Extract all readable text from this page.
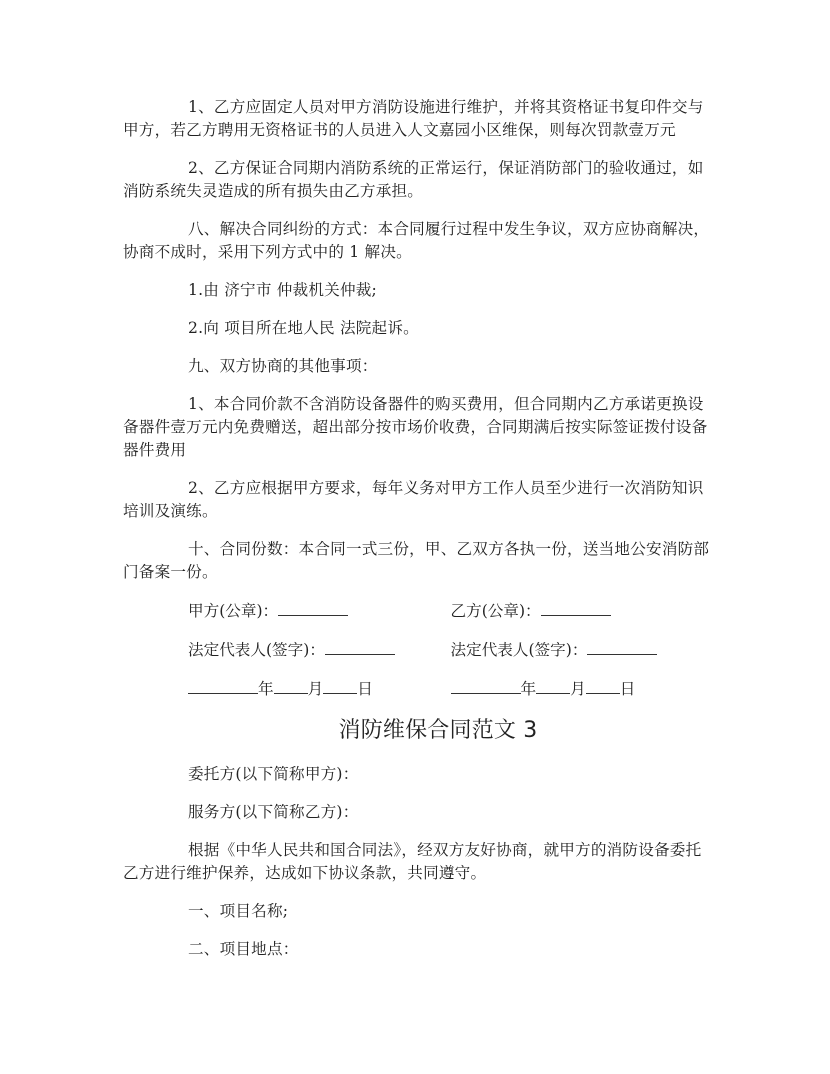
1、乙方应固定人员对甲方消防设施进行维护，并将其资格证书复印件交与甲方，若乙方聘用无资格证书的人员进入人文嘉园小区维保，则每次罚款壹万元

2、乙方保证合同期内消防系统的正常运行，保证消防部门的验收通过，如消防系统失灵造成的所有损失由乙方承担。

八、解决合同纠纷的方式：本合同履行过程中发生争议，双方应协商解决，协商不成时，采用下列方式中的 1 解决。

1.由 济宁市 仲裁机关仲裁;

2.向 项目所在地人民 法院起诉。

九、双方协商的其他事项：

1、本合同价款不含消防设备器件的购买费用，但合同期内乙方承诺更换设备器件壹万元内免费赠送，超出部分按市场价收费，合同期满后按实际签证拨付设备器件费用

2、乙方应根据甲方要求，每年义务对甲方工作人员至少进行一次消防知识培训及演练。

十、合同份数：本合同一式三份，甲、乙双方各执一份，送当地公安消防部门备案一份。

甲方(公章)：	乙方(公章)：
法定代表人(签字)：	法定代表人(签字)：
年 月 日	年 月 日

消防维保合同范文 3

委托方(以下简称甲方)：

服务方(以下简称乙方)：

根据《中华人民共和国合同法》，经双方友好协商，就甲方的消防设备委托乙方进行维护保养，达成如下协议条款，共同遵守。

一、项目名称;

二、项目地点：
